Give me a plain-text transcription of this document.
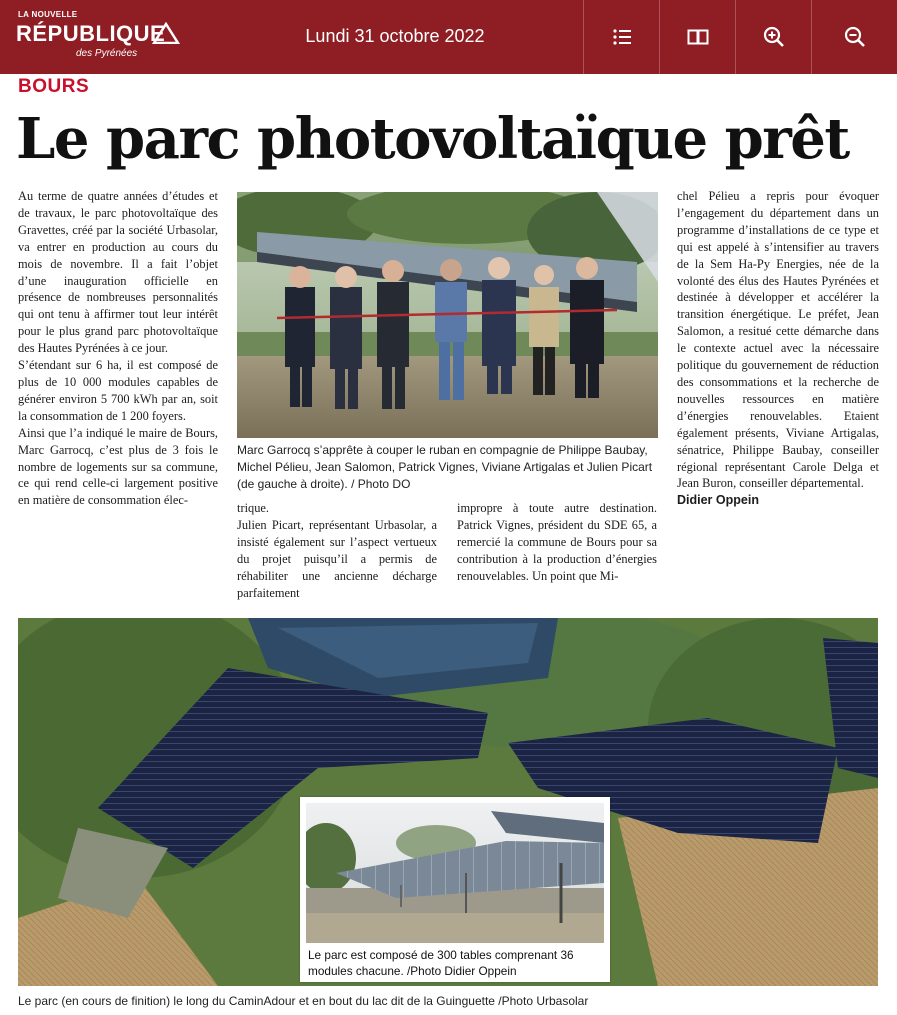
LA NOUVELLE
RÉPUBLIQUE
des Pyrénées
Lundi 31 octobre 2022
BOURS
Le parc photovoltaïque prêt

Au terme de quatre années d’études et de travaux, le parc photovoltaïque des Gravettes, créé par la société Urbasolar, va entrer en production au cours du mois de novembre. Il a fait l’objet d’une inauguration officielle en présence de nombreuses personnalités qui ont tenu à affirmer tout leur intérêt pour le plus grand parc photovoltaïque des Hautes Pyrénées à ce jour.

S’étendant sur 6 ha, il est composé de plus de 10 000 modules capables de générer environ 5 700 kWh par an, soit la consommation de 1 200 foyers.

Ainsi que l’a indiqué le maire de Bours, Marc Garrocq, c’est plus de 3 fois le nombre de logements sur sa commune, ce qui rend celle-ci largement positive en matière de consommation élec-

Marc Garrocq s’apprête à couper le ruban en compagnie de Philippe Baubay, Michel Pélieu, Jean Salomon, Patrick Vignes, Viviane Artigalas et Julien Picart (de gauche à droite). / Photo DO

trique.

Julien Picart, représentant Urbasolar, a insisté également sur l’aspect vertueux du projet puisqu’il a permis de réhabiliter une ancienne décharge parfaitement

impropre à toute autre destination. Patrick Vignes, président du SDE 65, a remercié la commune de Bours pour sa contribution à la production d’énergies renouvelables. Un point que Mi-

chel Pélieu a repris pour évoquer l’engagement du département dans un programme d’installations de ce type et qui est appelé à s’intensifier au travers de la Sem Ha-Py Energies, née de la volonté des élus des Hautes Pyrénées et destinée à développer et accélérer la transition énergétique. Le préfet, Jean Salomon, a resitué cette démarche dans le contexte actuel avec la nécessaire politique du gouvernement de réduction des consommations et la recherche de nouvelles ressources en matière d’énergies renouvelables. Etaient également présents, Viviane Artigalas, sénatrice, Philippe Baubay, conseiller régional représentant Carole Delga et Jean Buron, conseiller départemental.

Didier Oppein
Le parc est composé de 300 tables comprenant 36 modules chacune. /Photo Didier Oppein
Le parc (en cours de finition) le long du CaminAdour et en bout du lac dit de la Guinguette /Photo Urbasolar
